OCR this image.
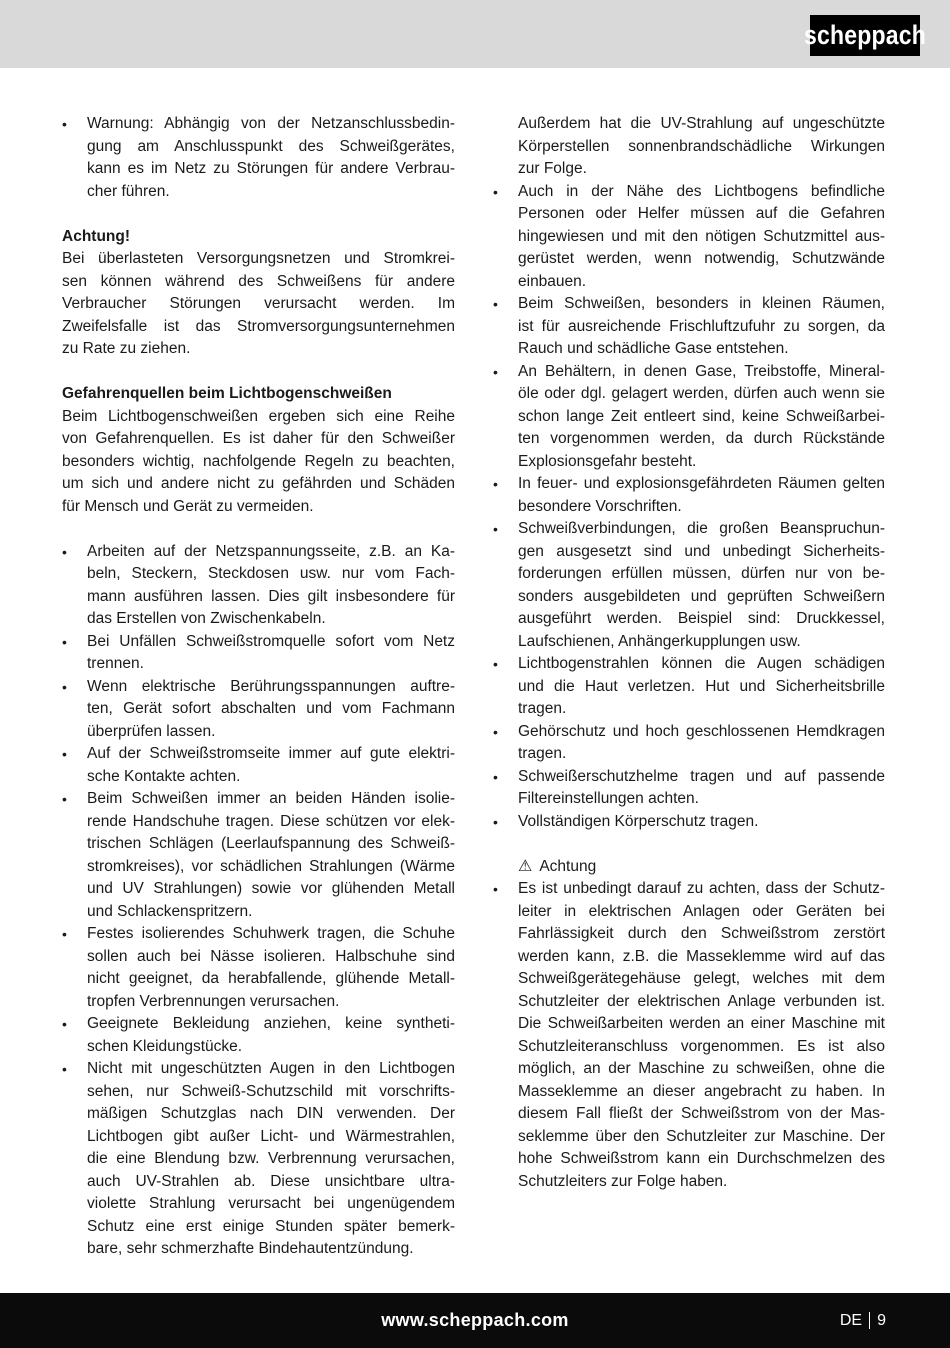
scheppach
•	Warnung: Abhängig von der Netzanschlussbedin-
gung am Anschlusspunkt des Schweißgerätes,
kann es im Netz zu Störungen für andere Verbrau-
cher führen.
Achtung!
Bei überlasteten Versorgungsnetzen und Stromkrei-
sen können während des Schweißens für andere
Verbraucher Störungen verursacht werden. Im
Zweifelsfalle ist das Stromversorgungsunternehmen
zu Rate zu ziehen.
Gefahrenquellen beim Lichtbogenschweißen
Beim Lichtbogenschweißen ergeben sich eine Reihe
von Gefahrenquellen. Es ist daher für den Schweißer
besonders wichtig, nachfolgende Regeln zu beachten,
um sich und andere nicht zu gefährden und Schäden
für Mensch und Gerät zu vermeiden.
•	Arbeiten auf der Netzspannungsseite, z.B. an Ka-
beln, Steckern, Steckdosen usw. nur vom Fach-
mann ausführen lassen. Dies gilt insbesondere für
das Erstellen von Zwischenkabeln.
•	Bei Unfällen Schweißstromquelle sofort vom Netz
trennen.
•	Wenn elektrische Berührungsspannungen auftre-
ten, Gerät sofort abschalten und vom Fachmann
überprüfen lassen.
•	Auf der Schweißstromseite immer auf gute elektri-
sche Kontakte achten.
•	Beim Schweißen immer an beiden Händen isolie-
rende Handschuhe tragen. Diese schützen vor elek-
trischen Schlägen (Leerlaufspannung des Schweiß-
stromkreises), vor schädlichen Strahlungen (Wärme
und UV Strahlungen) sowie vor glühenden Metall
und Schlackenspritzern.
•	Festes isolierendes Schuhwerk tragen, die Schuhe
sollen auch bei Nässe isolieren. Halbschuhe sind
nicht geeignet, da herabfallende, glühende Metall-
tropfen Verbrennungen verursachen.
•	Geeignete Bekleidung anziehen, keine syntheti-
schen Kleidungstücke.
•	Nicht mit ungeschützten Augen in den Lichtbogen
sehen, nur Schweiß-Schutzschild mit vorschrifts-
mäßigen Schutzglas nach DIN verwenden. Der
Lichtbogen gibt außer Licht- und Wärmestrahlen,
die eine Blendung bzw. Verbrennung verursachen,
auch UV-Strahlen ab. Diese unsichtbare ultra-
violette Strahlung verursacht bei ungenügendem
Schutz eine erst einige Stunden später bemerk-
bare, sehr schmerzhafte Bindehautentzündung.
Außerdem hat die UV-Strahlung auf ungeschützte
Körperstellen sonnenbrandschädliche Wirkungen
zur Folge.
•	Auch in der Nähe des Lichtbogens befindliche
Personen oder Helfer müssen auf die Gefahren
hingewiesen und mit den nötigen Schutzmittel aus-
gerüstet werden, wenn notwendig, Schutzwände
einbauen.
•	Beim Schweißen, besonders in kleinen Räumen,
ist für ausreichende Frischluftzufuhr zu sorgen, da
Rauch und schädliche Gase entstehen.
•	An Behältern, in denen Gase, Treibstoffe, Mineral-
öle oder dgl. gelagert werden, dürfen auch wenn sie
schon lange Zeit entleert sind, keine Schweißarbei-
ten vorgenommen werden, da durch Rückstände
Explosionsgefahr besteht.
•	In feuer- und explosionsgefährdeten Räumen gelten
besondere Vorschriften.
•	Schweißverbindungen, die großen Beanspruchun-
gen ausgesetzt sind und unbedingt Sicherheits-
forderungen erfüllen müssen, dürfen nur von be-
sonders ausgebildeten und geprüften Schweißern
ausgeführt werden. Beispiel sind: Druckkessel,
Laufschienen, Anhängerkupplungen usw.
•	Lichtbogenstrahlen können die Augen schädigen
und die Haut verletzen. Hut und Sicherheitsbrille
tragen.
•	Gehörschutz und hoch geschlossenen Hemdkragen
tragen.
•	Schweißerschutzhelme tragen und auf passende
Filtereinstellungen achten.
•	Vollständigen Körperschutz tragen.
⚠ Achtung
•	Es ist unbedingt darauf zu achten, dass der Schutz-
leiter in elektrischen Anlagen oder Geräten bei
Fahrlässigkeit durch den Schweißstrom zerstört
werden kann, z.B. die Masseklemme wird auf das
Schweißgerätegehäuse gelegt, welches mit dem
Schutzleiter der elektrischen Anlage verbunden ist.
Die Schweißarbeiten werden an einer Maschine mit
Schutzleiteranschluss vorgenommen. Es ist also
möglich, an der Maschine zu schweißen, ohne die
Masseklemme an dieser angebracht zu haben. In
diesem Fall fließt der Schweißstrom von der Mas-
seklemme über den Schutzleiter zur Maschine. Der
hohe Schweißstrom kann ein Durchschmelzen des
Schutzleiters zur Folge haben.
www.scheppach.com	DE 9
